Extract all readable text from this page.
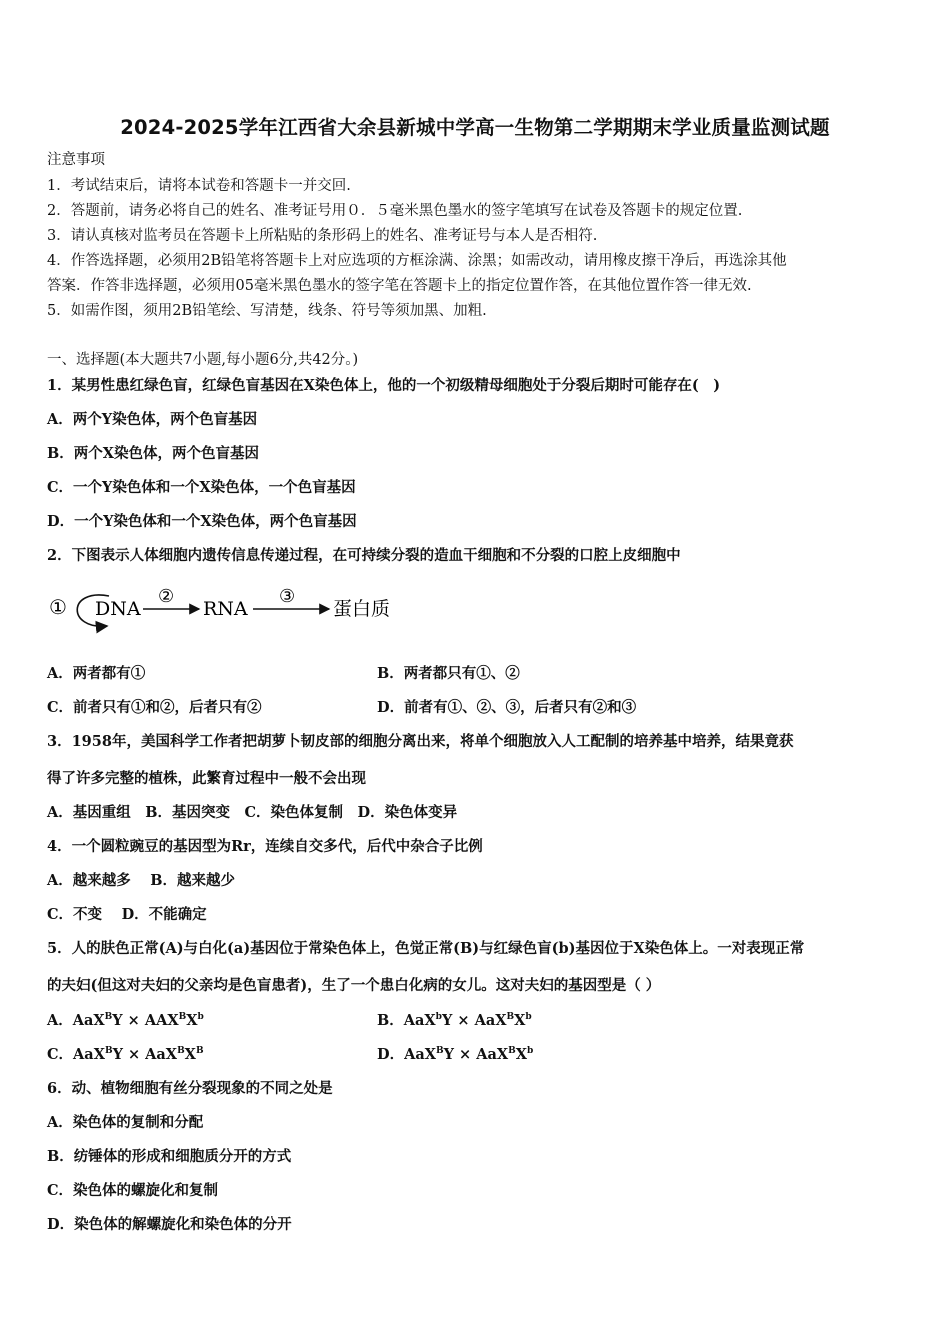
2024-2025学年江西省大余县新城中学高一生物第二学期期末学业质量监测试题
注意事项
1．考试结束后，请将本试卷和答题卡一并交回.
2．答题前，请务必将自己的姓名、准考证号用０．５毫米黑色墨水的签字笔填写在试卷及答题卡的规定位置.
3．请认真核对监考员在答题卡上所粘贴的条形码上的姓名、准考证号与本人是否相符.
4．作答选择题，必须用2B铅笔将答题卡上对应选项的方框涂满、涂黑；如需改动，请用橡皮擦干净后，再选涂其他
答案．作答非选择题，必须用05毫米黑色墨水的签字笔在答题卡上的指定位置作答，在其他位置作答一律无效.
5．如需作图，须用2B铅笔绘、写清楚，线条、符号等须加黑、加粗.
一、选择题(本大题共7小题,每小题6分,共42分。)
1．某男性患红绿色盲，红绿色盲基因在X染色体上，他的一个初级精母细胞处于分裂后期时可能存在(　)
A．两个Y染色体，两个色盲基因
B．两个X染色体，两个色盲基因
C．一个Y染色体和一个X染色体，一个色盲基因
D．一个Y染色体和一个X染色体，两个色盲基因
2．下图表示人体细胞内遗传信息传递过程，在可持续分裂的造血干细胞和不分裂的口腔上皮细胞中
① DNA
②
RNA
③
蛋白质
A．两者都有①	B．两者都只有①、②
C．前者只有①和②，后者只有②	D．前者有①、②、③，后者只有②和③
3．1958年，美国科学工作者把胡萝卜韧皮部的细胞分离出来，将单个细胞放入人工配制的培养基中培养，结果竟获
得了许多完整的植株，此繁育过程中一般不会出现
A．基因重组　B．基因突变　C．染色体复制　D．染色体变异
4．一个圆粒豌豆的基因型为Rr，连续自交多代，后代中杂合子比例
A．越来越多　 B．越来越少
C．不变　 D．不能确定
5．人的肤色正常(A)与白化(a)基因位于常染色体上，色觉正常(B)与红绿色盲(b)基因位于X染色体上。一对表现正常
的夫妇(但这对夫妇的父亲均是色盲患者)，生了一个患白化病的女儿。这对夫妇的基因型是（ ）
A．$AaX^BY \times AAX^BX^b$	B．$AaX^bY \times AaX^BX^b$
C．$AaX^BY \times AaX^BX^B$	D．$AaX^BY \times AaX^BX^b$
6．动、植物细胞有丝分裂现象的不同之处是
A．染色体的复制和分配
B．纺锤体的形成和细胞质分开的方式
C．染色体的螺旋化和复制
D．染色体的解螺旋化和染色体的分开
